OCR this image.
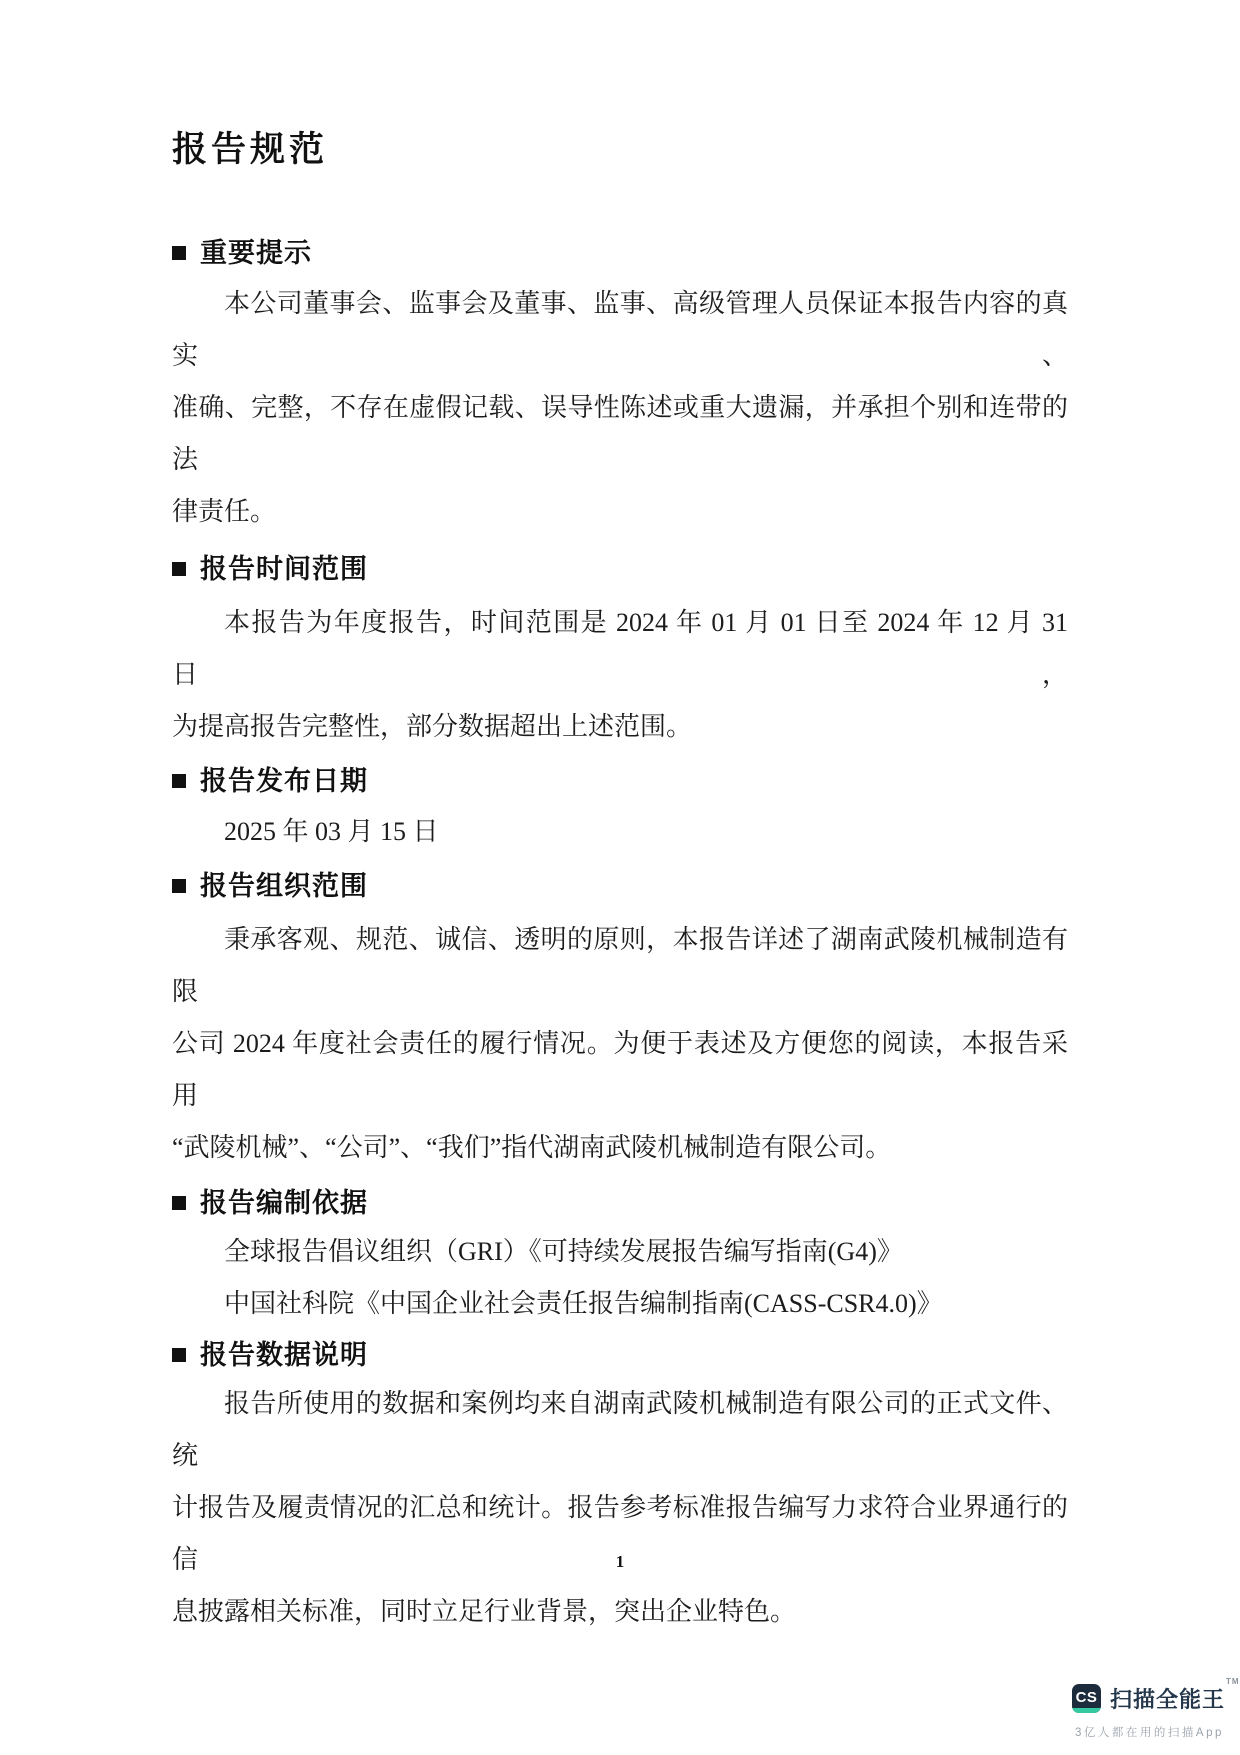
报告规范
重要提示
本公司董事会、监事会及董事、监事、高级管理人员保证本报告内容的真实、
准确、完整，不存在虚假记载、误导性陈述或重大遗漏，并承担个别和连带的法
律责任。
报告时间范围
本报告为年度报告，时间范围是 2024 年 01 月 01 日至 2024 年 12 月 31 日，
为提高报告完整性，部分数据超出上述范围。
报告发布日期
2025 年 03 月 15 日
报告组织范围
秉承客观、规范、诚信、透明的原则，本报告详述了湖南武陵机械制造有限
公司 2024 年度社会责任的履行情况。为便于表述及方便您的阅读，本报告采用
“武陵机械”、“公司”、“我们”指代湖南武陵机械制造有限公司。
报告编制依据
全球报告倡议组织（GRI）《可持续发展报告编写指南(G4)》
中国社科院《中国企业社会责任报告编制指南(CASS-CSR4.0)》
报告数据说明
报告所使用的数据和案例均来自湖南武陵机械制造有限公司的正式文件、统
计报告及履责情况的汇总和统计。报告参考标准报告编写力求符合业界通行的信
息披露相关标准，同时立足行业背景，突出企业特色。
1
CS 扫描全能王™
3亿人都在用的扫描App
